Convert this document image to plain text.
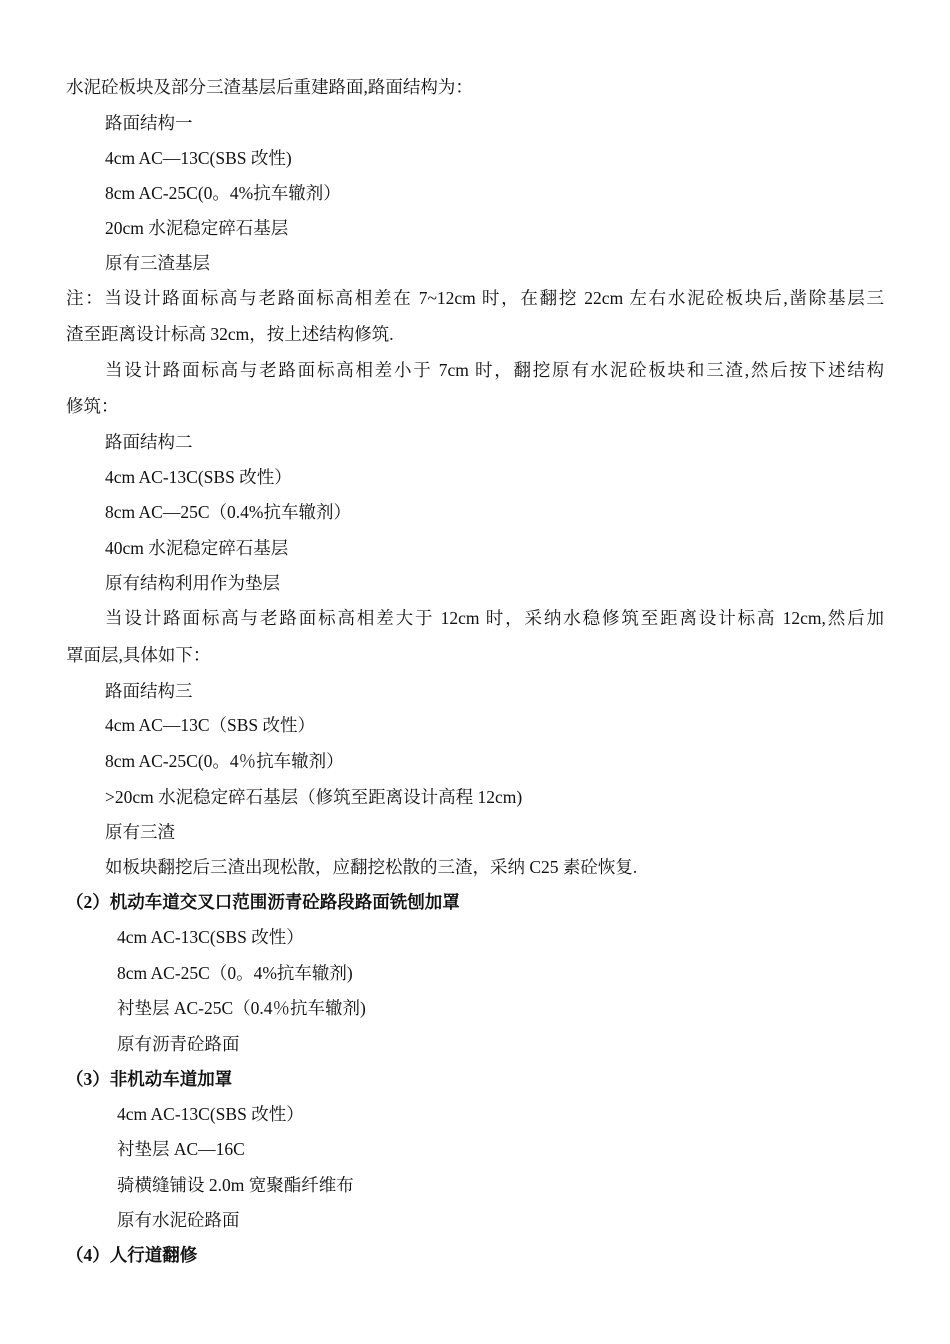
水泥砼板块及部分三渣基层后重建路面,路面结构为：
路面结构一
4cm AC—13C(SBS 改性)
8cm AC-25C(0。4%抗车辙剂）
20cm 水泥稳定碎石基层
原有三渣基层
注：当设计路面标高与老路面标高相差在 7~12cm 时，在翻挖 22cm 左右水泥砼板块后,凿除基层三
渣至距离设计标高 32cm，按上述结构修筑.
当设计路面标高与老路面标高相差小于 7cm 时，翻挖原有水泥砼板块和三渣,然后按下述结构
修筑：
路面结构二
4cm AC-13C(SBS 改性）
8cm AC—25C（0.4%抗车辙剂）
40cm 水泥稳定碎石基层
原有结构利用作为垫层
当设计路面标高与老路面标高相差大于 12cm 时，采纳水稳修筑至距离设计标高 12cm,然后加
罩面层,具体如下：
路面结构三
4cm AC—13C（SBS 改性）
8cm AC-25C(0。4％抗车辙剂）
>20cm 水泥稳定碎石基层（修筑至距离设计高程 12cm)
原有三渣
如板块翻挖后三渣出现松散，应翻挖松散的三渣，采纳 C25 素砼恢复.
（2）机动车道交叉口范围沥青砼路段路面铣刨加罩
4cm AC-13C(SBS 改性）
8cm AC-25C（0。4%抗车辙剂)
衬垫层 AC-25C（0.4％抗车辙剂)
原有沥青砼路面
（3）非机动车道加罩
4cm AC-13C(SBS 改性）
衬垫层 AC—16C
骑横缝铺设 2.0m 宽聚酯纤维布
原有水泥砼路面
（4）人行道翻修
